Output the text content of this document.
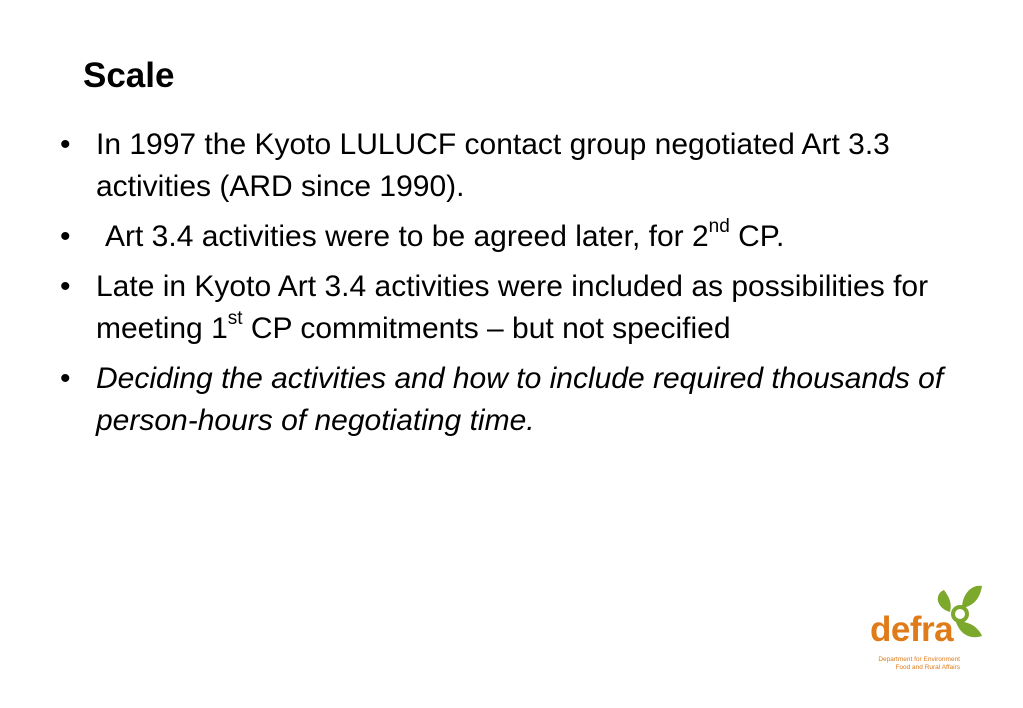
Scale
• In 1997 the Kyoto LULUCF contact group negotiated Art 3.3 activities (ARD since 1990).
• Art 3.4 activities were to be agreed later, for 2nd CP.
• Late in Kyoto Art 3.4 activities were included as possibilities for meeting 1st CP commitments – but not specified
• Deciding the activities and how to include required thousands of person-hours of negotiating time.
defra
Department for Environment
Food and Rural Affairs
